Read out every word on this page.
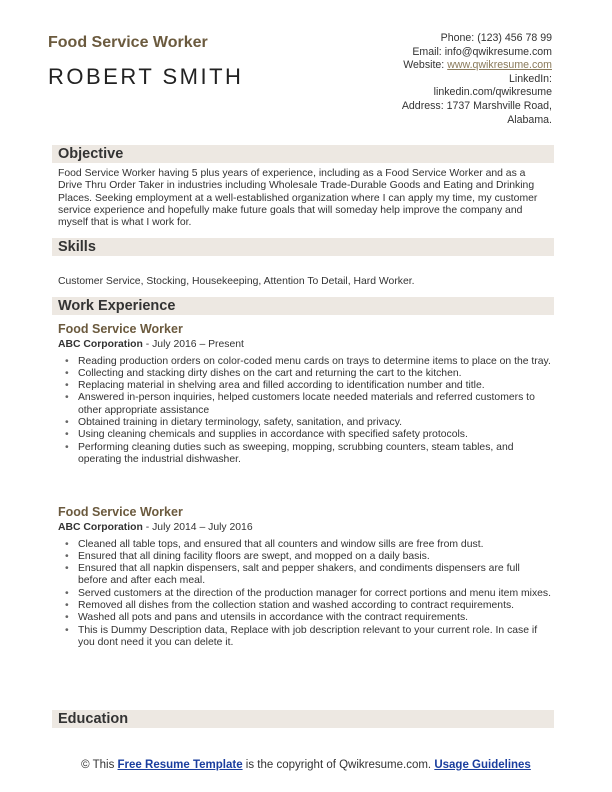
Food Service Worker
ROBERT SMITH
Phone: (123) 456 78 99
Email: info@qwikresume.com
Website: www.qwikresume.com
LinkedIn:
linkedin.com/qwikresume
Address: 1737 Marshville Road,
Alabama.
Objective
Food Service Worker having 5 plus years of experience, including as a Food Service Worker and as a Drive Thru Order Taker in industries including Wholesale Trade-Durable Goods and Eating and Drinking Places. Seeking employment at a well-established organization where I can apply my time, my customer service experience and hopefully make future goals that will someday help improve the company and myself that is what I work for.
Skills
Customer Service, Stocking, Housekeeping, Attention To Detail, Hard Worker.
Work Experience
Food Service Worker
ABC Corporation - July 2016 – Present
• Reading production orders on color-coded menu cards on trays to determine items to place on the tray.
• Collecting and stacking dirty dishes on the cart and returning the cart to the kitchen.
• Replacing material in shelving area and filled according to identification number and title.
• Answered in-person inquiries, helped customers locate needed materials and referred customers to other appropriate assistance
• Obtained training in dietary terminology, safety, sanitation, and privacy.
• Using cleaning chemicals and supplies in accordance with specified safety protocols.
• Performing cleaning duties such as sweeping, mopping, scrubbing counters, steam tables, and operating the industrial dishwasher.
Food Service Worker
ABC Corporation - July 2014 – July 2016
• Cleaned all table tops, and ensured that all counters and window sills are free from dust.
• Ensured that all dining facility floors are swept, and mopped on a daily basis.
• Ensured that all napkin dispensers, salt and pepper shakers, and condiments dispensers are full before and after each meal.
• Served customers at the direction of the production manager for correct portions and menu item mixes.
• Removed all dishes from the collection station and washed according to contract requirements.
• Washed all pots and pans and utensils in accordance with the contract requirements.
• This is Dummy Description data, Replace with job description relevant to your current role. In case if you dont need it you can delete it.
Education
© This Free Resume Template is the copyright of Qwikresume.com. Usage Guidelines
